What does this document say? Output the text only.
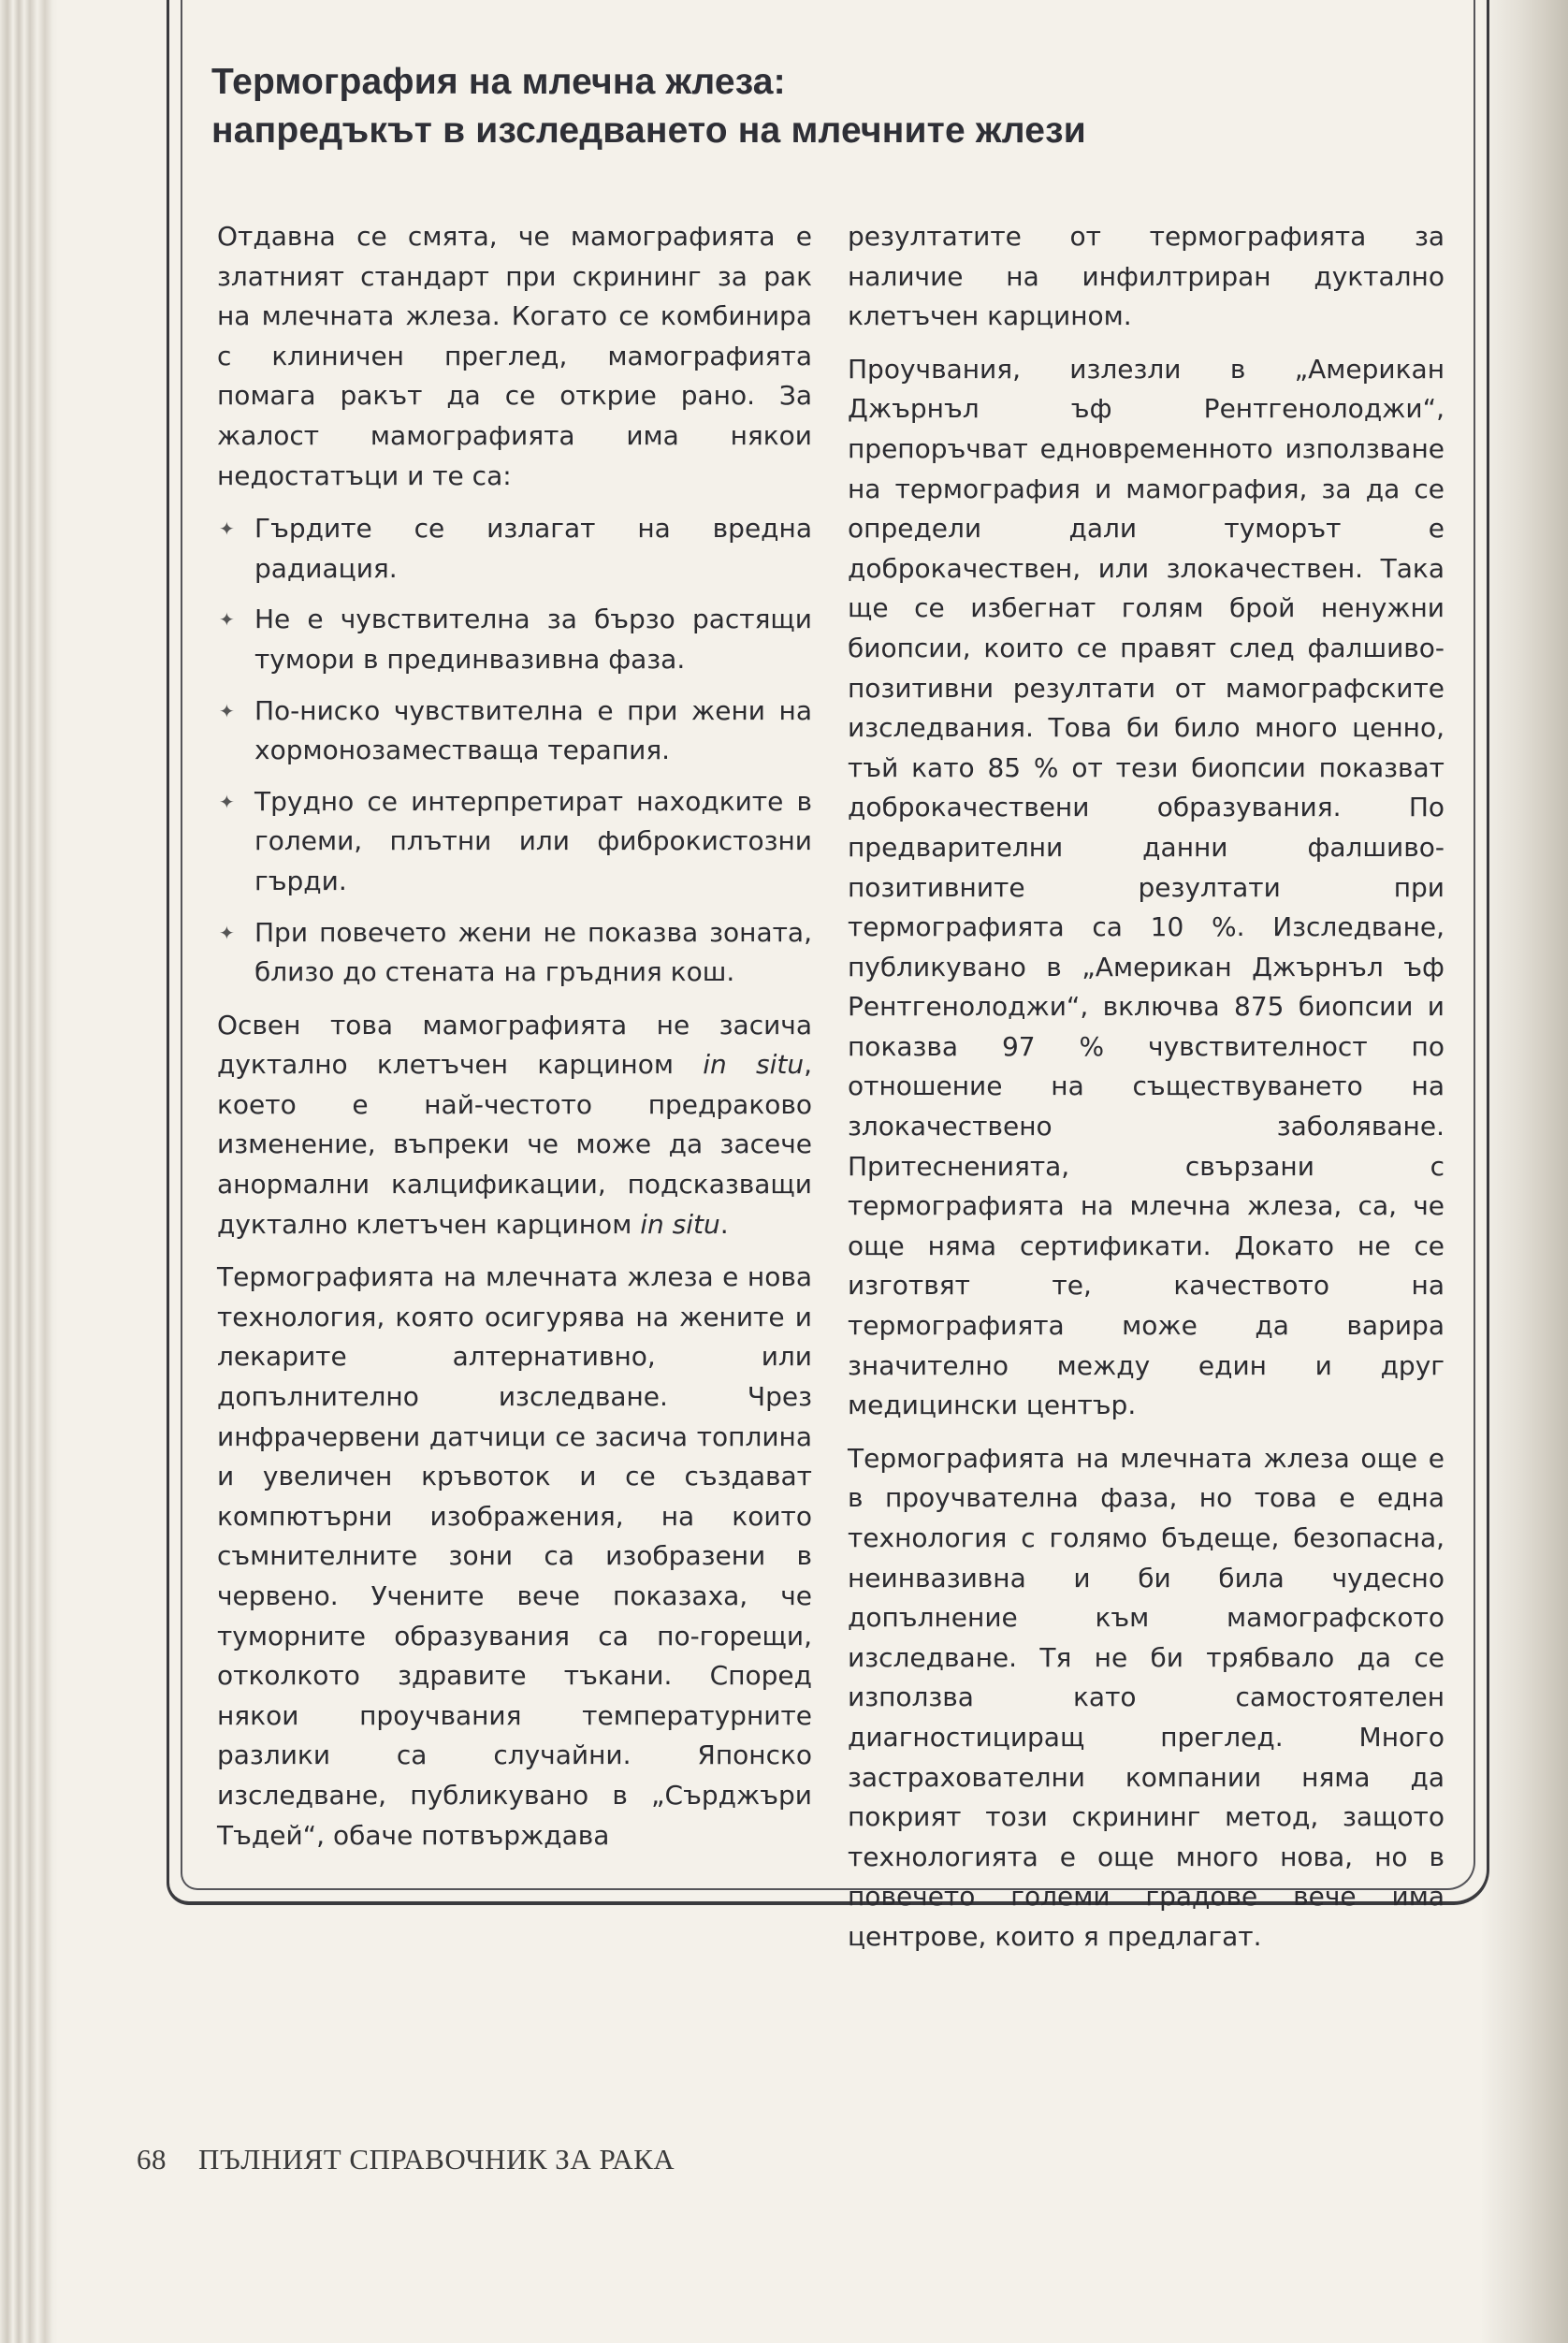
Термография на млечна жлеза:
напредъкът в изследването на млечните жлези

Отдавна се смята, че мамографията е златният стандарт при скрининг за рак на млечната жлеза. Когато се комбинира с клиничен преглед, мамографията помага ракът да се открие рано. За жалост мамографията има някои недостатъци и те са:

✦ Гърдите се излагат на вредна радиация.
✦ Не е чувствителна за бързо растящи тумори в прединвазивна фаза.
✦ По-ниско чувствителна е при жени на хормонозаместваща терапия.
✦ Трудно се интерпретират находките в големи, плътни или фиброкистозни гърди.
✦ При повечето жени не показва зоната, близо до стената на гръдния кош.

Освен това мамографията не засича дуктално клетъчен карцином in situ, което е най-честото предраково изменение, въпреки че може да засече анормални калцификации, подсказващи дуктално клетъчен карцином in situ.

Термографията на млечната жлеза е нова технология, която осигурява на жените и лекарите алтернативно, или допълнително изследване. Чрез инфрачервени датчици се засича топлина и увеличен кръвоток и се създават компютърни изображения, на които съмнителните зони са изобразени в червено. Учените вече показаха, че туморните образувания са по-горещи, отколкото здравите тъкани. Според някои проучвания температурните разлики са случайни. Японско изследване, публикувано в „Сърджъри Тъдей“, обаче потвърждава

резултатите от термографията за наличие на инфилтриран дуктално клетъчен карцином.

Проучвания, излезли в „Американ Джърнъл ъф Рентгенолоджи“, препоръчват едновременното използване на термография и мамография, за да се определи дали туморът е доброкачествен, или злокачествен. Така ще се избегнат голям брой ненужни биопсии, които се правят след фалшиво-позитивни резултати от мамографските изследвания. Това би било много ценно, тъй като 85 % от тези биопсии показват доброкачествени образувания. По предварителни данни фалшиво-позитивните резултати при термографията са 10 %. Изследване, публикувано в „Американ Джърнъл ъф Рентгенолоджи“, включва 875 биопсии и показва 97 % чувствителност по отношение на съществуването на злокачествено заболяване. Притесненията, свързани с термографията на млечна жлеза, са, че още няма сертификати. Докато не се изготвят те, качеството на термографията може да варира значително между един и друг медицински център.

Термографията на млечната жлеза още е в проучвателна фаза, но това е една технология с голямо бъдеще, безопасна, неинвазивна и би била чудесно допълнение към мамографското изследване. Тя не би трябвало да се използва като самостоятелен диагностициращ преглед. Много застрахователни компании няма да покрият този скрининг метод, защото технологията е още много нова, но в повечето големи градове вече има центрове, които я предлагат.

68 ПЪЛНИЯТ СПРАВОЧНИК ЗА РАКА
